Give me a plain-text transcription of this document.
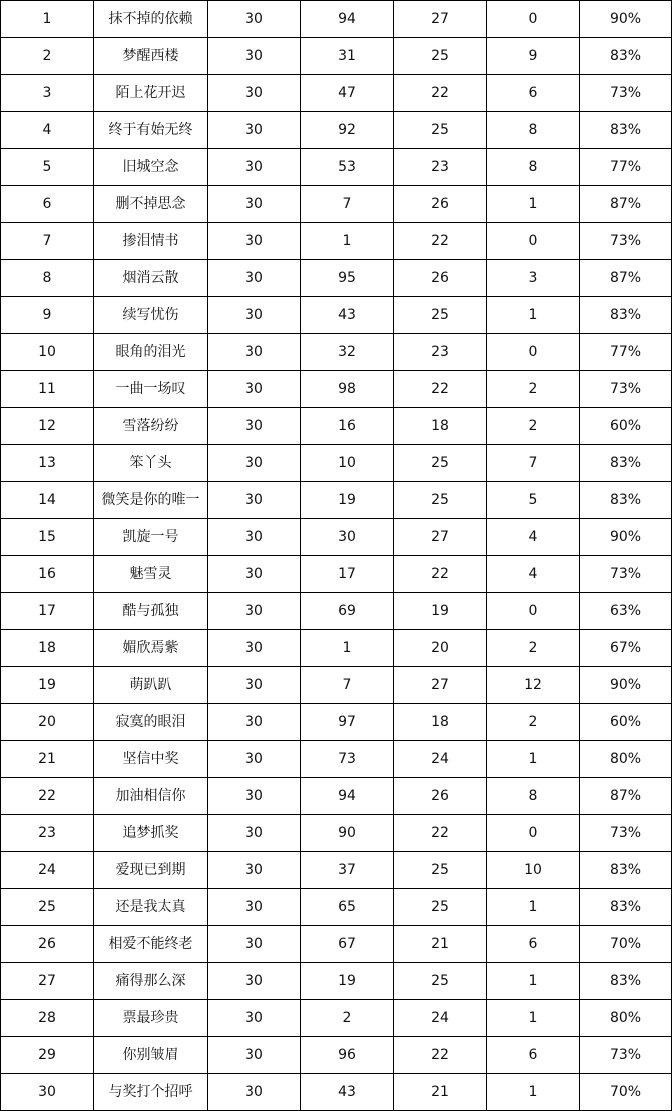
1	抹不掉的依赖	30	94	27	0	90%
2	梦醒西楼	30	31	25	9	83%
3	陌上花开迟	30	47	22	6	73%
4	终于有始无终	30	92	25	8	83%
5	旧城空念	30	53	23	8	77%
6	删不掉思念	30	7	26	1	87%
7	掺泪情书	30	1	22	0	73%
8	烟消云散	30	95	26	3	87%
9	续写忧伤	30	43	25	1	83%
10	眼角的泪光	30	32	23	0	77%
11	一曲一场叹	30	98	22	2	73%
12	雪落纷纷	30	16	18	2	60%
13	笨丫头	30	10	25	7	83%
14	微笑是你的唯一	30	19	25	5	83%
15	凯旋一号	30	30	27	4	90%
16	魅雪灵	30	17	22	4	73%
17	酷与孤独	30	69	19	0	63%
18	媚欣焉紫	30	1	20	2	67%
19	萌趴趴	30	7	27	12	90%
20	寂寞的眼泪	30	97	18	2	60%
21	坚信中奖	30	73	24	1	80%
22	加油相信你	30	94	26	8	87%
23	追梦抓奖	30	90	22	0	73%
24	爱现已到期	30	37	25	10	83%
25	还是我太真	30	65	25	1	83%
26	相爱不能终老	30	67	21	6	70%
27	痛得那么深	30	19	25	1	83%
28	票最珍贵	30	2	24	1	80%
29	你别皱眉	30	96	22	6	73%
30	与奖打个招呼	30	43	21	1	70%
